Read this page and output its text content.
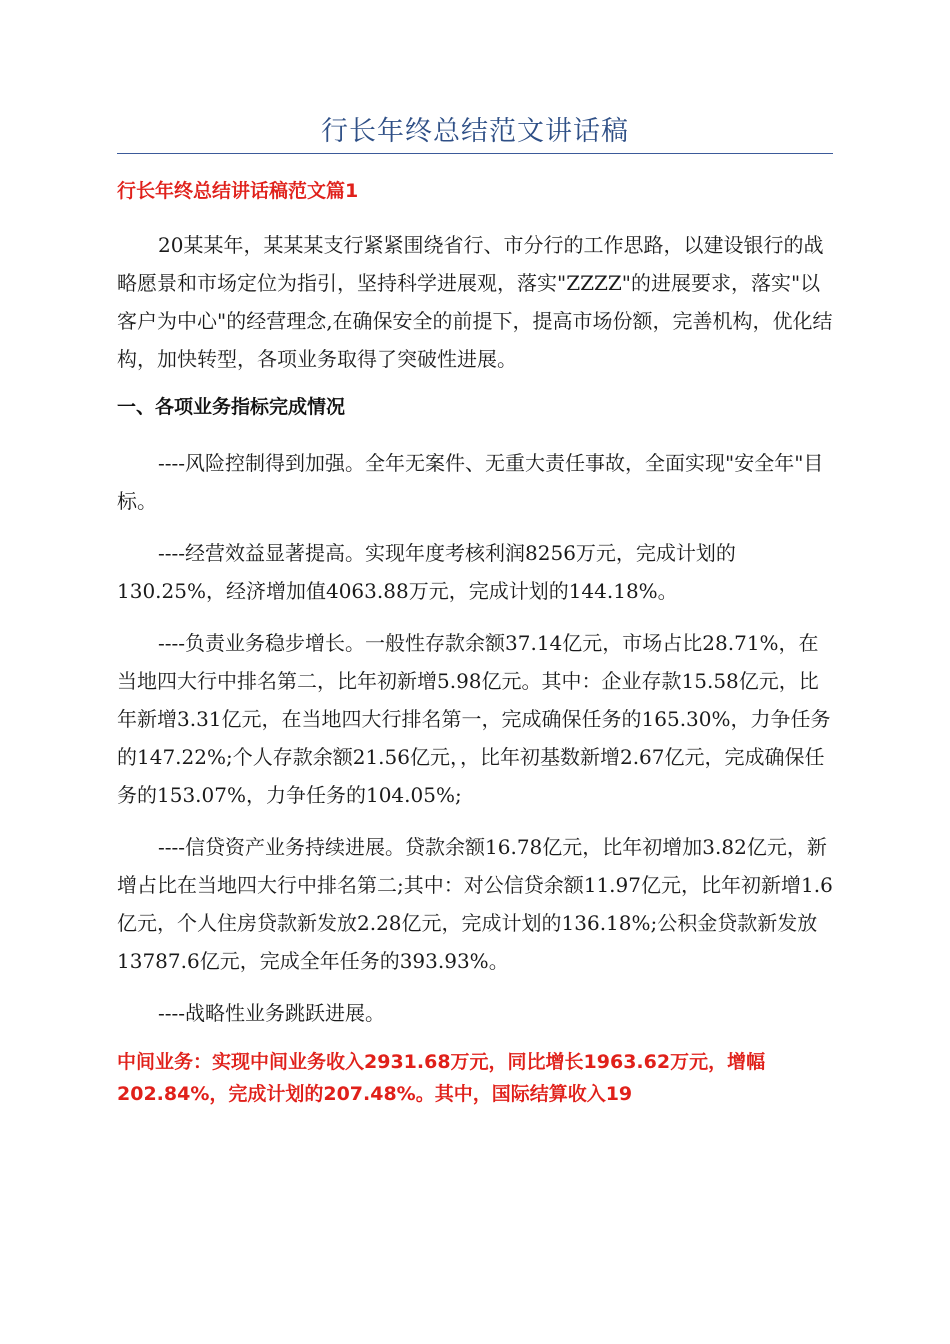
行长年终总结范文讲话稿
行长年终总结讲话稿范文篇1

20某某年，某某某支行紧紧围绕省行、市分行的工作思路，以建设银行的战略愿景和市场定位为指引，坚持科学进展观，落实"ZZZZ"的进展要求，落实"以客户为中心"的经营理念,在确保安全的前提下，提高市场份额，完善机构，优化结构，加快转型，各项业务取得了突破性进展。

一、各项业务指标完成情况

----风险控制得到加强。全年无案件、无重大责任事故，全面实现"安全年"目标。

----经营效益显著提高。实现年度考核利润8256万元，完成计划的130.25%，经济增加值4063.88万元，完成计划的144.18%。

----负责业务稳步增长。一般性存款余额37.14亿元，市场占比28.71%，在当地四大行中排名第二，比年初新增5.98亿元。其中：企业存款15.58亿元，比年新增3.31亿元，在当地四大行排名第一，完成确保任务的165.30%，力争任务的147.22%;个人存款余额21.56亿元，，比年初基数新增2.67亿元，完成确保任务的153.07%，力争任务的104.05%;

----信贷资产业务持续进展。贷款余额16.78亿元，比年初增加3.82亿元，新增占比在当地四大行中排名第二;其中：对公信贷余额11.97亿元，比年初新增1.6亿元，个人住房贷款新发放2.28亿元，完成计划的136.18%;公积金贷款新发放13787.6亿元，完成全年任务的393.93%。

----战略性业务跳跃进展。

中间业务：实现中间业务收入2931.68万元，同比增长1963.62万元，增幅202.84%，完成计划的207.48%。其中，国际结算收入19
